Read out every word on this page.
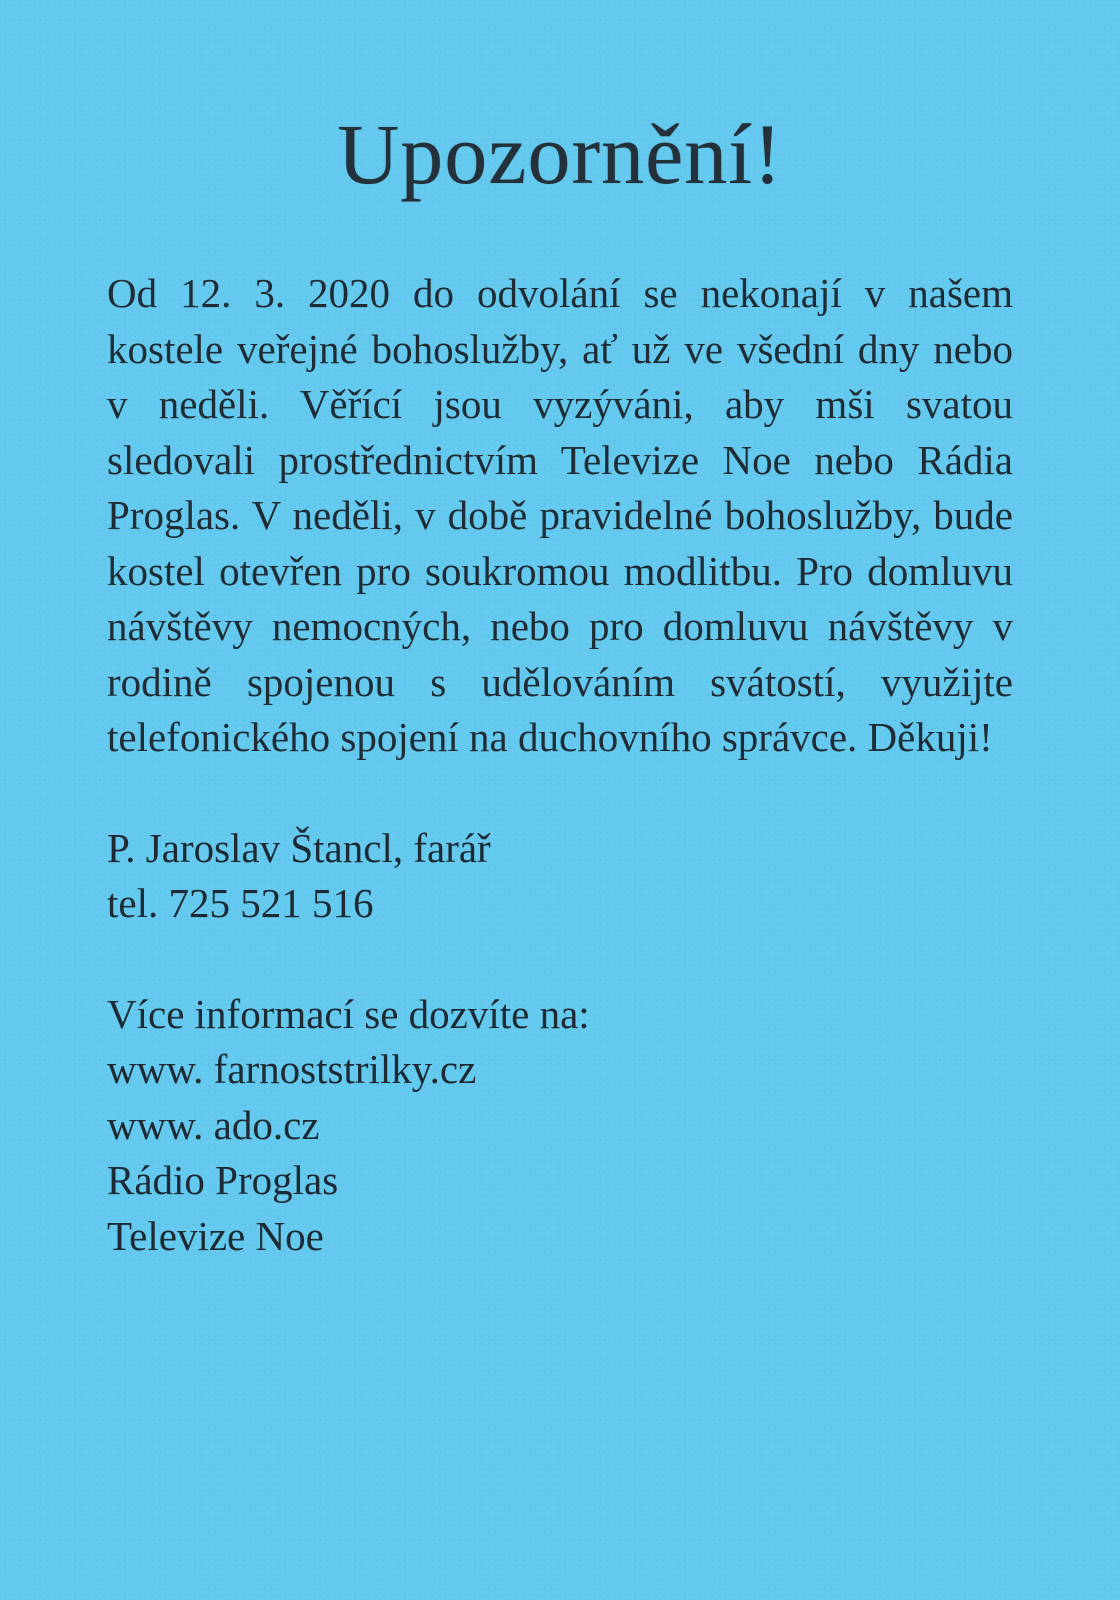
Upozornění!

Od 12. 3. 2020 do odvolání se nekonají v našem kostele veřejné bohoslužby, ať už ve všední dny nebo v neděli. Věřící jsou vyzýváni, aby mši svatou sledovali prostřednictvím Televize Noe nebo Rádia Proglas. V neděli, v době pravidelné bohoslužby, bude kostel otevřen pro soukromou modlitbu. Pro domluvu návštěvy nemocných, nebo pro domluvu návštěvy v rodině spojenou s udělováním svátostí, využijte telefonického spojení na duchovního správce. Děkuji!

P. Jaroslav Štancl, farář
tel. 725 521 516
Více informací se dozvíte na:
www. farnoststrilky.cz
www. ado.cz
Rádio Proglas
Televize Noe
